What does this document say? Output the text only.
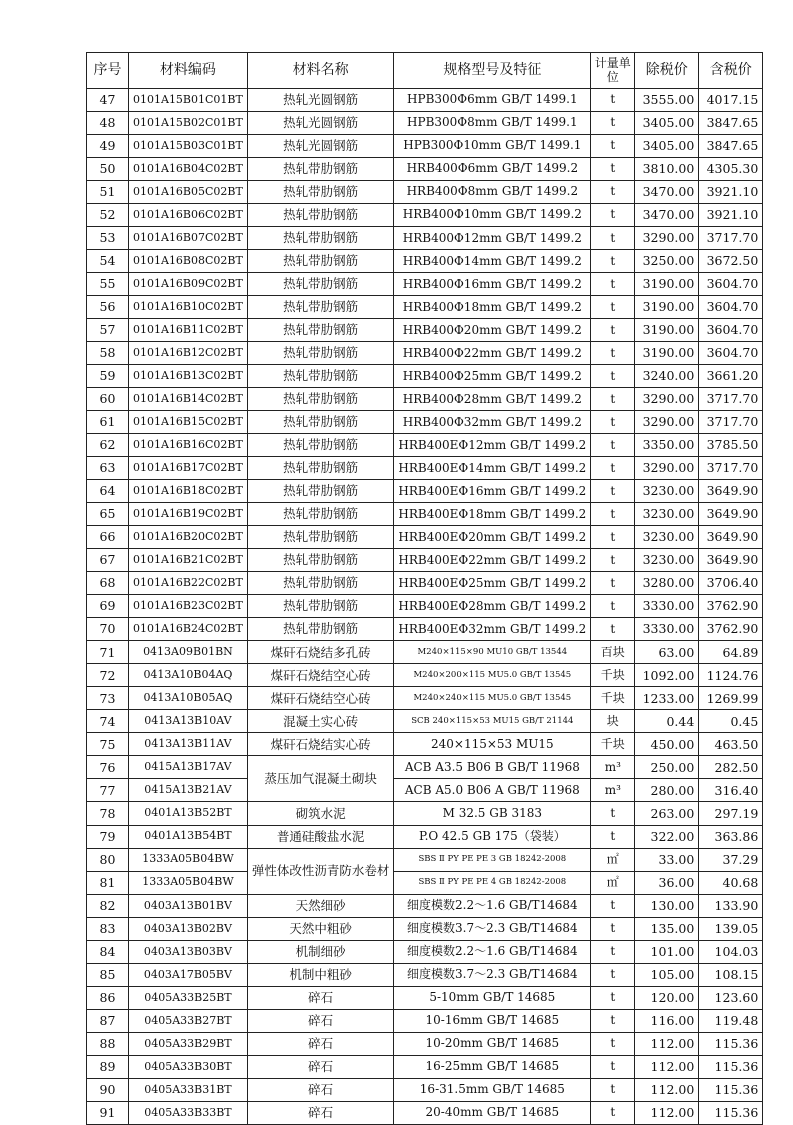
序号	材料编码	材料名称	规格型号及特征	计量单位	除税价	含税价
47	0101A15B01C01BT	热轧光圆钢筋	HPB300Φ6mm GB/T 1499.1	t	3555.00	4017.15
48	0101A15B02C01BT	热轧光圆钢筋	HPB300Φ8mm GB/T 1499.1	t	3405.00	3847.65
49	0101A15B03C01BT	热轧光圆钢筋	HPB300Φ10mm GB/T 1499.1	t	3405.00	3847.65
50	0101A16B04C02BT	热轧带肋钢筋	HRB400Φ6mm GB/T 1499.2	t	3810.00	4305.30
51	0101A16B05C02BT	热轧带肋钢筋	HRB400Φ8mm GB/T 1499.2	t	3470.00	3921.10
52	0101A16B06C02BT	热轧带肋钢筋	HRB400Φ10mm GB/T 1499.2	t	3470.00	3921.10
53	0101A16B07C02BT	热轧带肋钢筋	HRB400Φ12mm GB/T 1499.2	t	3290.00	3717.70
54	0101A16B08C02BT	热轧带肋钢筋	HRB400Φ14mm GB/T 1499.2	t	3250.00	3672.50
55	0101A16B09C02BT	热轧带肋钢筋	HRB400Φ16mm GB/T 1499.2	t	3190.00	3604.70
56	0101A16B10C02BT	热轧带肋钢筋	HRB400Φ18mm GB/T 1499.2	t	3190.00	3604.70
57	0101A16B11C02BT	热轧带肋钢筋	HRB400Φ20mm GB/T 1499.2	t	3190.00	3604.70
58	0101A16B12C02BT	热轧带肋钢筋	HRB400Φ22mm GB/T 1499.2	t	3190.00	3604.70
59	0101A16B13C02BT	热轧带肋钢筋	HRB400Φ25mm GB/T 1499.2	t	3240.00	3661.20
60	0101A16B14C02BT	热轧带肋钢筋	HRB400Φ28mm GB/T 1499.2	t	3290.00	3717.70
61	0101A16B15C02BT	热轧带肋钢筋	HRB400Φ32mm GB/T 1499.2	t	3290.00	3717.70
62	0101A16B16C02BT	热轧带肋钢筋	HRB400EΦ12mm GB/T 1499.2	t	3350.00	3785.50
63	0101A16B17C02BT	热轧带肋钢筋	HRB400EΦ14mm GB/T 1499.2	t	3290.00	3717.70
64	0101A16B18C02BT	热轧带肋钢筋	HRB400EΦ16mm GB/T 1499.2	t	3230.00	3649.90
65	0101A16B19C02BT	热轧带肋钢筋	HRB400EΦ18mm GB/T 1499.2	t	3230.00	3649.90
66	0101A16B20C02BT	热轧带肋钢筋	HRB400EΦ20mm GB/T 1499.2	t	3230.00	3649.90
67	0101A16B21C02BT	热轧带肋钢筋	HRB400EΦ22mm GB/T 1499.2	t	3230.00	3649.90
68	0101A16B22C02BT	热轧带肋钢筋	HRB400EΦ25mm GB/T 1499.2	t	3280.00	3706.40
69	0101A16B23C02BT	热轧带肋钢筋	HRB400EΦ28mm GB/T 1499.2	t	3330.00	3762.90
70	0101A16B24C02BT	热轧带肋钢筋	HRB400EΦ32mm GB/T 1499.2	t	3330.00	3762.90
71	0413A09B01BN	煤矸石烧结多孔砖	M240×115×90 MU10 GB/T 13544	百块	63.00	64.89
72	0413A10B04AQ	煤矸石烧结空心砖	M240×200×115 MU5.0 GB/T 13545	千块	1092.00	1124.76
73	0413A10B05AQ	煤矸石烧结空心砖	M240×240×115 MU5.0 GB/T 13545	千块	1233.00	1269.99
74	0413A13B10AV	混凝土实心砖	SCB 240×115×53 MU15 GB/T 21144	块	0.44	0.45
75	0413A13B11AV	煤矸石烧结实心砖	240×115×53 MU15	千块	450.00	463.50
76	0415A13B17AV	蒸压加气混凝土砌块	ACB A3.5 B06 B GB/T 11968	m³	250.00	282.50
77	0415A13B21AV		ACB A5.0 B06 A GB/T 11968	m³	280.00	316.40
78	0401A13B52BT	砌筑水泥	M 32.5 GB 3183	t	263.00	297.19
79	0401A13B54BT	普通硅酸盐水泥	P.O 42.5 GB 175（袋装）	t	322.00	363.86
80	1333A05B04BW	弹性体改性沥青防水卷材	SBS Ⅱ PY PE PE 3 GB 18242-2008	㎡	33.00	37.29
81	1333A05B04BW		SBS Ⅱ PY PE PE 4 GB 18242-2008	㎡	36.00	40.68
82	0403A13B01BV	天然细砂	细度模数2.2～1.6 GB/T14684	t	130.00	133.90
83	0403A13B02BV	天然中粗砂	细度模数3.7～2.3 GB/T14684	t	135.00	139.05
84	0403A13B03BV	机制细砂	细度模数2.2～1.6 GB/T14684	t	101.00	104.03
85	0403A17B05BV	机制中粗砂	细度模数3.7～2.3 GB/T14684	t	105.00	108.15
86	0405A33B25BT	碎石	5-10mm GB/T 14685	t	120.00	123.60
87	0405A33B27BT	碎石	10-16mm GB/T 14685	t	116.00	119.48
88	0405A33B29BT	碎石	10-20mm GB/T 14685	t	112.00	115.36
89	0405A33B30BT	碎石	16-25mm GB/T 14685	t	112.00	115.36
90	0405A33B31BT	碎石	16-31.5mm GB/T 14685	t	112.00	115.36
91	0405A33B33BT	碎石	20-40mm GB/T 14685	t	112.00	115.36
